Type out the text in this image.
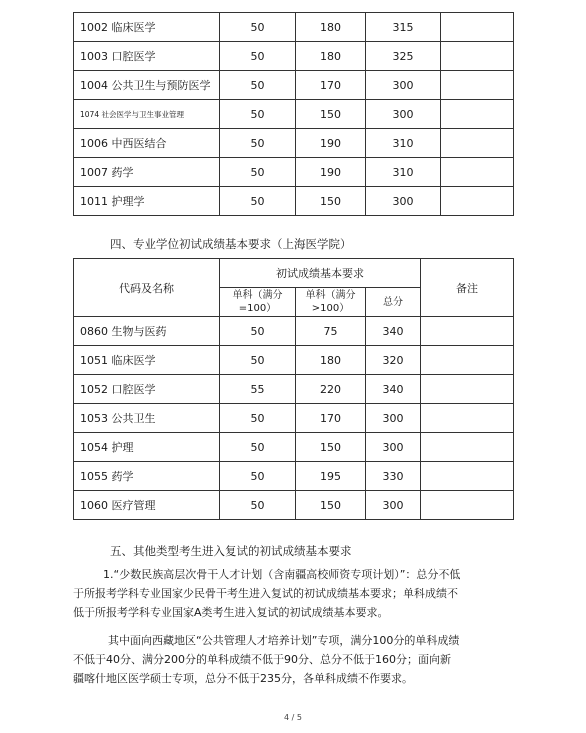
1002 临床医学	50	180	315	
1003 口腔医学	50	180	325	
1004 公共卫生与预防医学	50	170	300	
1074 社会医学与卫生事业管理	50	150	300	
1006 中西医结合	50	190	310	
1007 药学	50	190	310	
1011 护理学	50	150	300	
四、专业学位初试成绩基本要求（上海医学院）
代码及名称	初试成绩基本要求			备注
	单科（满分=100）	单科（满分>100）	总分	
0860 生物与医药	50	75	340	
1051 临床医学	50	180	320	
1052 口腔医学	55	220	340	
1053 公共卫生	50	170	300	
1054 护理	50	150	300	
1055 药学	50	195	330	
1060 医疗管理	50	150	300	
五、其他类型考生进入复试的初试成绩基本要求
1.“少数民族高层次骨干人才计划（含南疆高校师资专项计划）”：总分不低
于所报考学科专业国家少民骨干考生进入复试的初试成绩基本要求；单科成绩不
低于所报考学科专业国家A类考生进入复试的初试成绩基本要求。
其中面向西藏地区“公共管理人才培养计划”专项，满分100分的单科成绩
不低于40分、满分200分的单科成绩不低于90分、总分不低于160分；面向新
疆喀什地区医学硕士专项，总分不低于235分，各单科成绩不作要求。
4 / 5
